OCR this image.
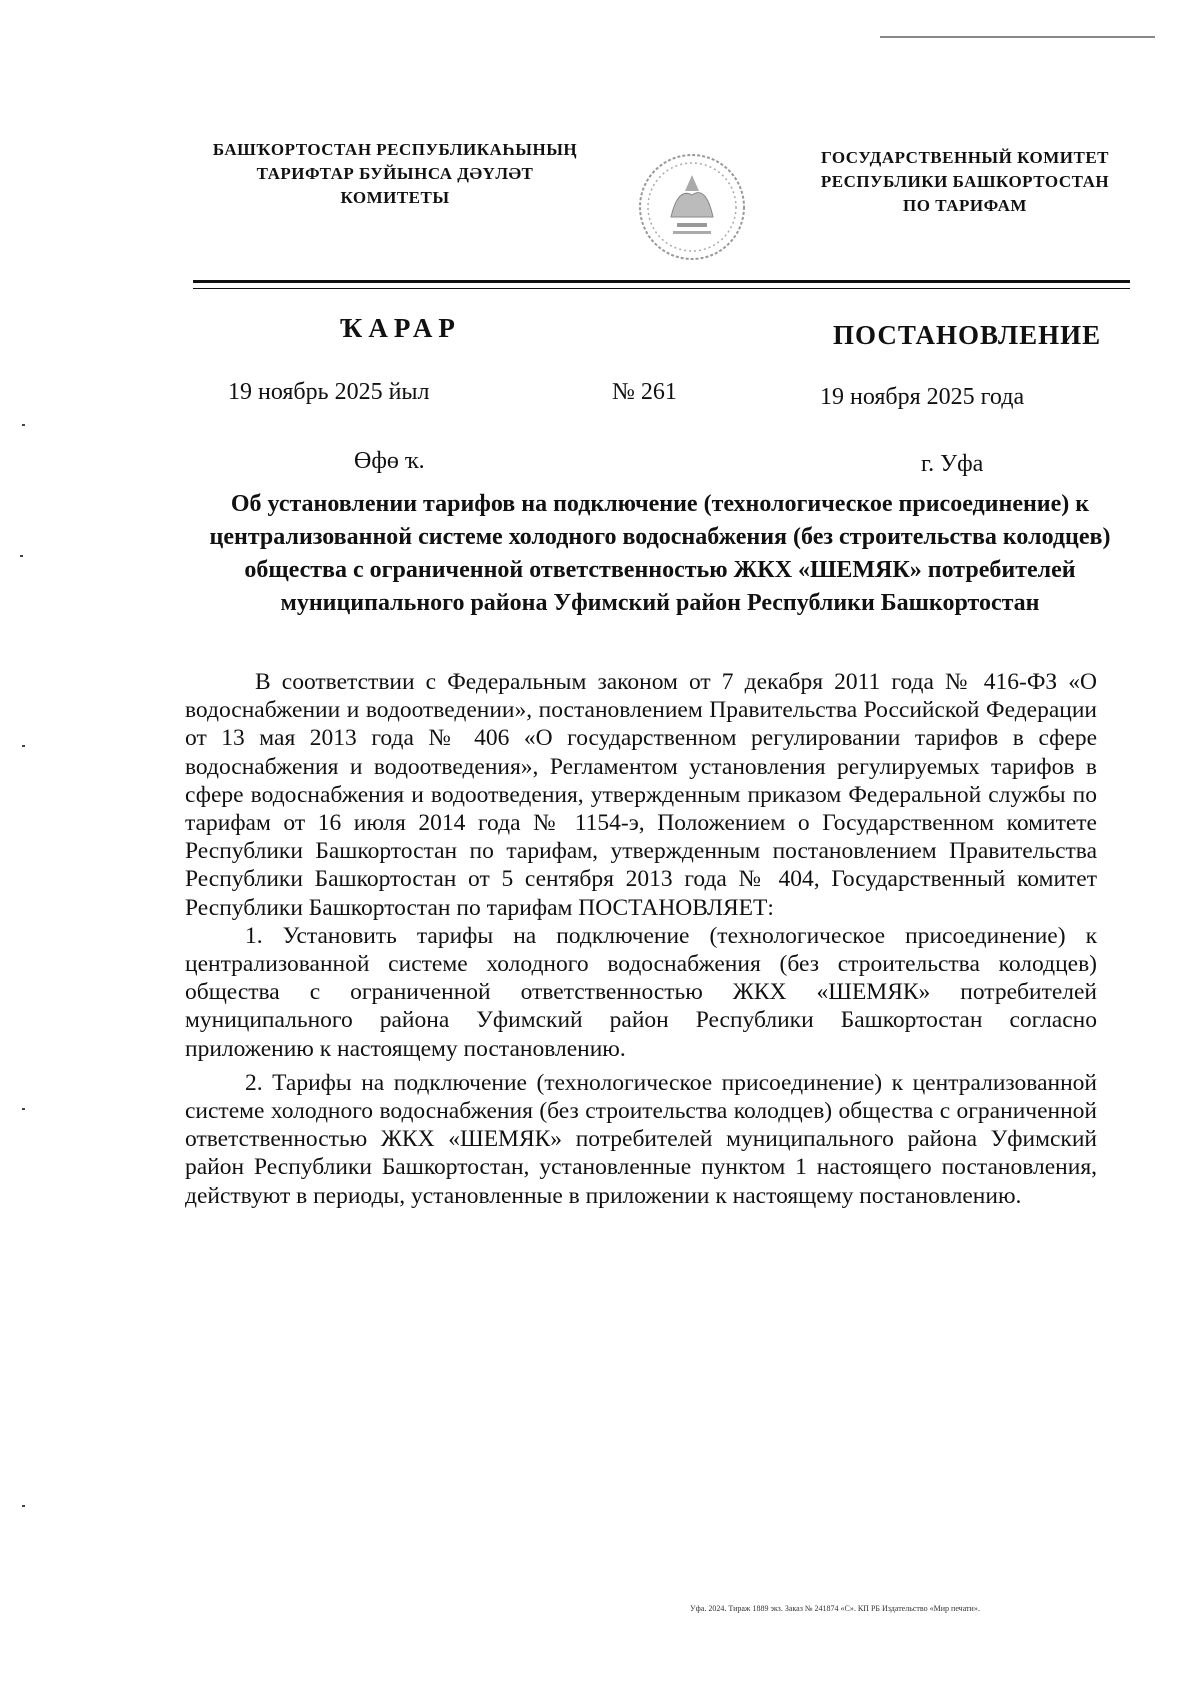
БАШҠОРТОСТАН РЕСПУБЛИКАҺЫНЫҢ
ТАРИФТАР БУЙЫНСА ДӘҮЛӘТ
КОМИТЕТЫ
ГОСУДАРСТВЕННЫЙ КОМИТЕТ
РЕСПУБЛИКИ БАШКОРТОСТАН
ПО ТАРИФАМ
ҠАРАР	ПОСТАНОВЛЕНИЕ
19 ноябрь 2025 йыл	№ 261	19 ноября 2025 года
Өфө ҡ.	г. Уфа
Об установлении тарифов на подключение (технологическое присоединение) к централизованной системе холодного водоснабжения (без строительства колодцев) общества с ограниченной ответственностью ЖКХ «ШЕМЯК» потребителей муниципального района Уфимский район Республики Башкортостан

В соответствии с Федеральным законом от 7 декабря 2011 года № 416-ФЗ «О водоснабжении и водоотведении», постановлением Правительства Российской Федерации от 13 мая 2013 года № 406 «О государственном регулировании тарифов в сфере водоснабжения и водоотведения», Регламентом установления регулируемых тарифов в сфере водоснабжения и водоотведения, утвержденным приказом Федеральной службы по тарифам от 16 июля 2014 года № 1154-э, Положением о Государственном комитете Республики Башкортостан по тарифам, утвержденным постановлением Правительства Республики Башкортостан от 5 сентября 2013 года № 404, Государственный комитет Республики Башкортостан по тарифам ПОСТАНОВЛЯЕТ:

1. Установить тарифы на подключение (технологическое присоединение) к централизованной системе холодного водоснабжения (без строительства колодцев) общества с ограниченной ответственностью ЖКХ «ШЕМЯК» потребителей муниципального района Уфимский район Республики Башкортостан согласно приложению к настоящему постановлению.

2. Тарифы на подключение (технологическое присоединение) к централизованной системе холодного водоснабжения (без строительства колодцев) общества с ограниченной ответственностью ЖКХ «ШЕМЯК» потребителей муниципального района Уфимский район Республики Башкортостан, установленные пунктом 1 настоящего постановления, действуют в периоды, установленные в приложении к настоящему постановлению.

Уфа. 2024. Тираж 1889 экз. Заказ № 241874 «С». КП РБ Издательство «Мир печати».
